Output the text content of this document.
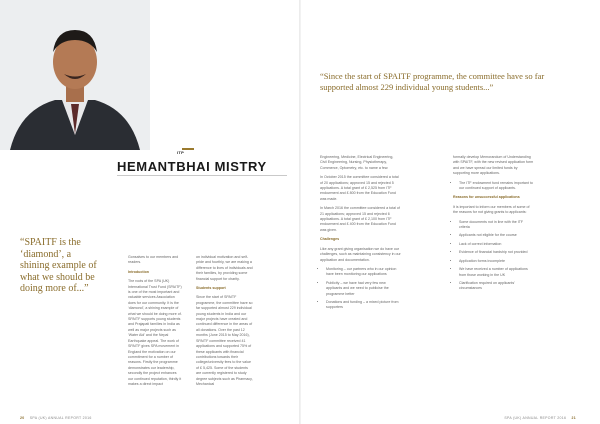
ITP
HEMANTBHAI MISTRY
“SPAITF is the ‘diamond’, a shining example of what we should be doing more of...”
“Since the start of SPAITF programme, the committee have so far supported almost 229 individual young students...”

Gonsalves to our members and readers.

Introduction

The roots of the SPA (UK) International Trust Fund (SPAITF) is one of the most important and valuable services Association does for our community. It is the ‘diamond’, a shining example of what we should be doing more of. SPAITF supports young students and Prajapati families in India as well as major projects such as ‘Water Aid’ and the Nepal Earthquake appeal. The work of SPAITF gives SPA movement in England the motivation on our commitment for a number of reasons. Firstly the programme demonstrates our leadership, secondly the project enhances our continued reputation, thirdly it makes a direct impact

on individual motivation and self-pride and fourthly, we are making a difference to lives of individuals and their families, by providing some financial support for charity.

Students support

Since the start of SPAITF programme, the committee have so far supported almost 229 individual young students in India and our major projects have created and continued difference in the areas of all donations. Over the past 12 months (June 2015 to May 2016), SPAITF committee received 41 applications and supported 75% of these applicants with financial contributions towards their college/university fees to the value of £ 5,425. Some of the students are currently registered to study degree subjects such as Pharmacy, Mechanical

Engineering, Medicine, Electrical Engineering, Civil Engineering, Nursing, Physiotherapy, Commerce, Optometry, etc. to name a few.

In October 2015 the committee considered a total of 20 applications; approved 15 and rejected 5 applications. A total grant of £ 2,525 from ITF endowment and £ 800 from the Education Fund was made.

In March 2016 the committee considered a total of 21 applications; approved 15 and rejected 6 applications. A total grant of £ 2,100 from ITF endowment and £ 400 from the Education Fund was given.

Challenges

Like any grant giving organisation we do have our challenges, such as maintaining consistency in our application and documentation.

• Monitoring – our partners who in our opinion have been monitoring our applications
• Publicity – we have had very few new applicants and we need to publicise the programme better
• Donations and funding – a mixed picture from supporters

formally develop Memorandum of Understanding with SPAITF, with the new revised application form and we have spread our limited funds by supporting more applications.

• The ITF endowment fund remains important to our continued support of applicants.

Reasons for unsuccessful applications

It is important to inform our members of some of the reasons for not giving grants to applicants:

• Some documents not in line with the ITF criteria
• Applicants not eligible for the course
• Lack of correct information
• Evidence of financial hardship not provided
• Application forms incomplete
• We have received a number of applications from those working in the UK
• Clarification required on applicants’ circumstances
20 SPA (UK) ANNUAL REPORT 2016	SPA (UK) ANNUAL REPORT 2016 21
